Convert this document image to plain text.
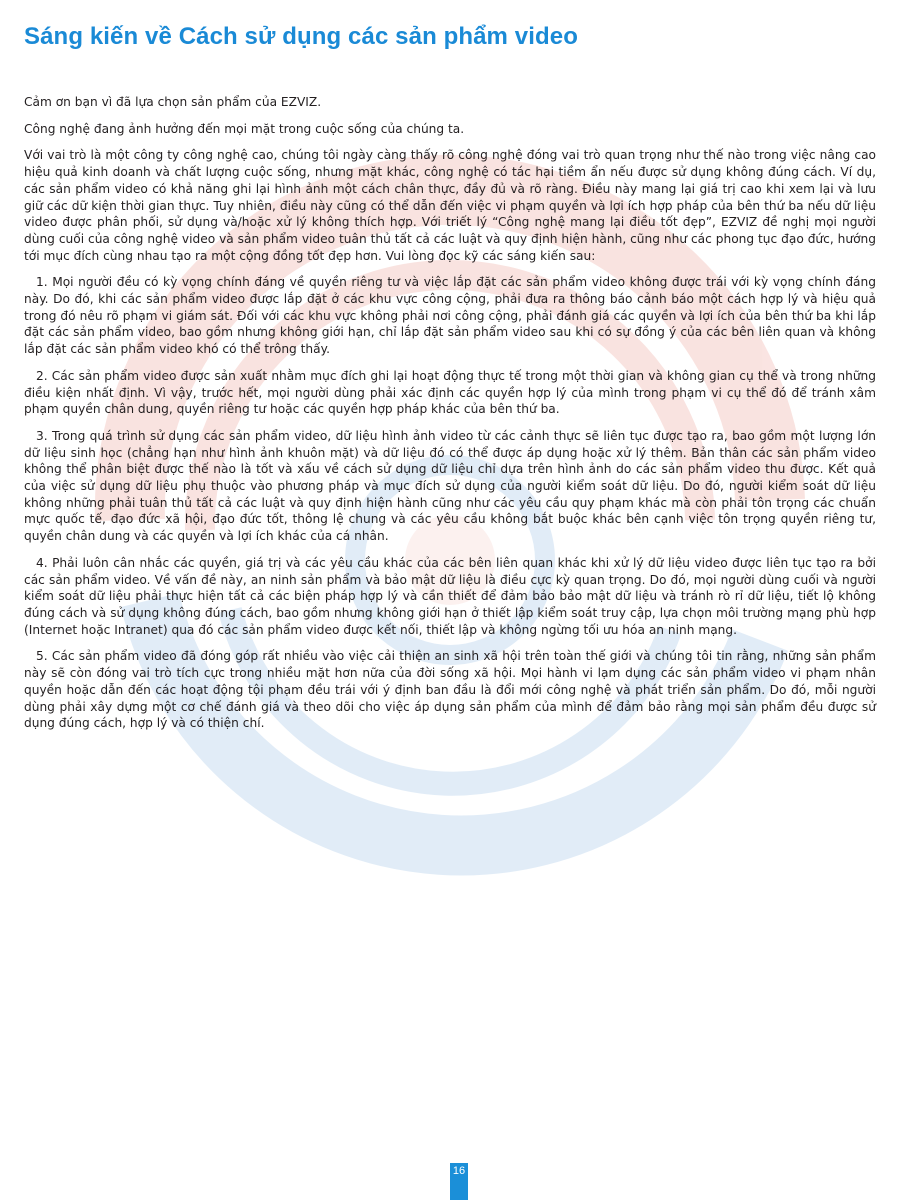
Sáng kiến về Cách sử dụng các sản phẩm video

Cảm ơn bạn vì đã lựa chọn sản phẩm của EZVIZ.

Công nghệ đang ảnh hưởng đến mọi mặt trong cuộc sống của chúng ta.

Với vai trò là một công ty công nghệ cao, chúng tôi ngày càng thấy rõ công nghệ đóng vai trò quan trọng như thế nào trong việc nâng cao hiệu quả kinh doanh và chất lượng cuộc sống, nhưng mặt khác, công nghệ có tác hại tiềm ẩn nếu được sử dụng không đúng cách. Ví dụ, các sản phẩm video có khả năng ghi lại hình ảnh một cách chân thực, đầy đủ và rõ ràng. Điều này mang lại giá trị cao khi xem lại và lưu giữ các dữ kiện thời gian thực. Tuy nhiên, điều này cũng có thể dẫn đến việc vi phạm quyền và lợi ích hợp pháp của bên thứ ba nếu dữ liệu video được phân phối, sử dụng và/hoặc xử lý không thích hợp. Với triết lý “Công nghệ mang lại điều tốt đẹp”, EZVIZ đề nghị mọi người dùng cuối của công nghệ video và sản phẩm video tuân thủ tất cả các luật và quy định hiện hành, cũng như các phong tục đạo đức, hướng tới mục đích cùng nhau tạo ra một cộng đồng tốt đẹp hơn. Vui lòng đọc kỹ các sáng kiến sau:

1. Mọi người đều có kỳ vọng chính đáng về quyền riêng tư và việc lắp đặt các sản phẩm video không được trái với kỳ vọng chính đáng này. Do đó, khi các sản phẩm video được lắp đặt ở các khu vực công cộng, phải đưa ra thông báo cảnh báo một cách hợp lý và hiệu quả trong đó nêu rõ phạm vi giám sát. Đối với các khu vực không phải nơi công cộng, phải đánh giá các quyền và lợi ích của bên thứ ba khi lắp đặt các sản phẩm video, bao gồm nhưng không giới hạn, chỉ lắp đặt sản phẩm video sau khi có sự đồng ý của các bên liên quan và không lắp đặt các sản phẩm video khó có thể trông thấy.

2. Các sản phẩm video được sản xuất nhằm mục đích ghi lại hoạt động thực tế trong một thời gian và không gian cụ thể và trong những điều kiện nhất định. Vì vậy, trước hết, mọi người dùng phải xác định các quyền hợp lý của mình trong phạm vi cụ thể đó để tránh xâm phạm quyền chân dung, quyền riêng tư hoặc các quyền hợp pháp khác của bên thứ ba.

3. Trong quá trình sử dụng các sản phẩm video, dữ liệu hình ảnh video từ các cảnh thực sẽ liên tục được tạo ra, bao gồm một lượng lớn dữ liệu sinh học (chẳng hạn như hình ảnh khuôn mặt) và dữ liệu đó có thể được áp dụng hoặc xử lý thêm. Bản thân các sản phẩm video không thể phân biệt được thế nào là tốt và xấu về cách sử dụng dữ liệu chỉ dựa trên hình ảnh do các sản phẩm video thu được. Kết quả của việc sử dụng dữ liệu phụ thuộc vào phương pháp và mục đích sử dụng của người kiểm soát dữ liệu. Do đó, người kiểm soát dữ liệu không những phải tuân thủ tất cả các luật và quy định hiện hành cũng như các yêu cầu quy phạm khác mà còn phải tôn trọng các chuẩn mực quốc tế, đạo đức xã hội, đạo đức tốt, thông lệ chung và các yêu cầu không bắt buộc khác bên cạnh việc tôn trọng quyền riêng tư, quyền chân dung và các quyền và lợi ích khác của cá nhân.

4. Phải luôn cân nhắc các quyền, giá trị và các yêu cầu khác của các bên liên quan khác khi xử lý dữ liệu video được liên tục tạo ra bởi các sản phẩm video. Về vấn đề này, an ninh sản phẩm và bảo mật dữ liệu là điều cực kỳ quan trọng. Do đó, mọi người dùng cuối và người kiểm soát dữ liệu phải thực hiện tất cả các biện pháp hợp lý và cần thiết để đảm bảo bảo mật dữ liệu và tránh rò rỉ dữ liệu, tiết lộ không đúng cách và sử dụng không đúng cách, bao gồm nhưng không giới hạn ở thiết lập kiểm soát truy cập, lựa chọn môi trường mạng phù hợp (Internet hoặc Intranet) qua đó các sản phẩm video được kết nối, thiết lập và không ngừng tối ưu hóa an ninh mạng.

5. Các sản phẩm video đã đóng góp rất nhiều vào việc cải thiện an sinh xã hội trên toàn thế giới và chúng tôi tin rằng, những sản phẩm này sẽ còn đóng vai trò tích cực trong nhiều mặt hơn nữa của đời sống xã hội. Mọi hành vi lạm dụng các sản phẩm video vi phạm nhân quyền hoặc dẫn đến các hoạt động tội phạm đều trái với ý định ban đầu là đổi mới công nghệ và phát triển sản phẩm. Do đó, mỗi người dùng phải xây dựng một cơ chế đánh giá và theo dõi cho việc áp dụng sản phẩm của mình để đảm bảo rằng mọi sản phẩm đều được sử dụng đúng cách, hợp lý và có thiện chí.

16
